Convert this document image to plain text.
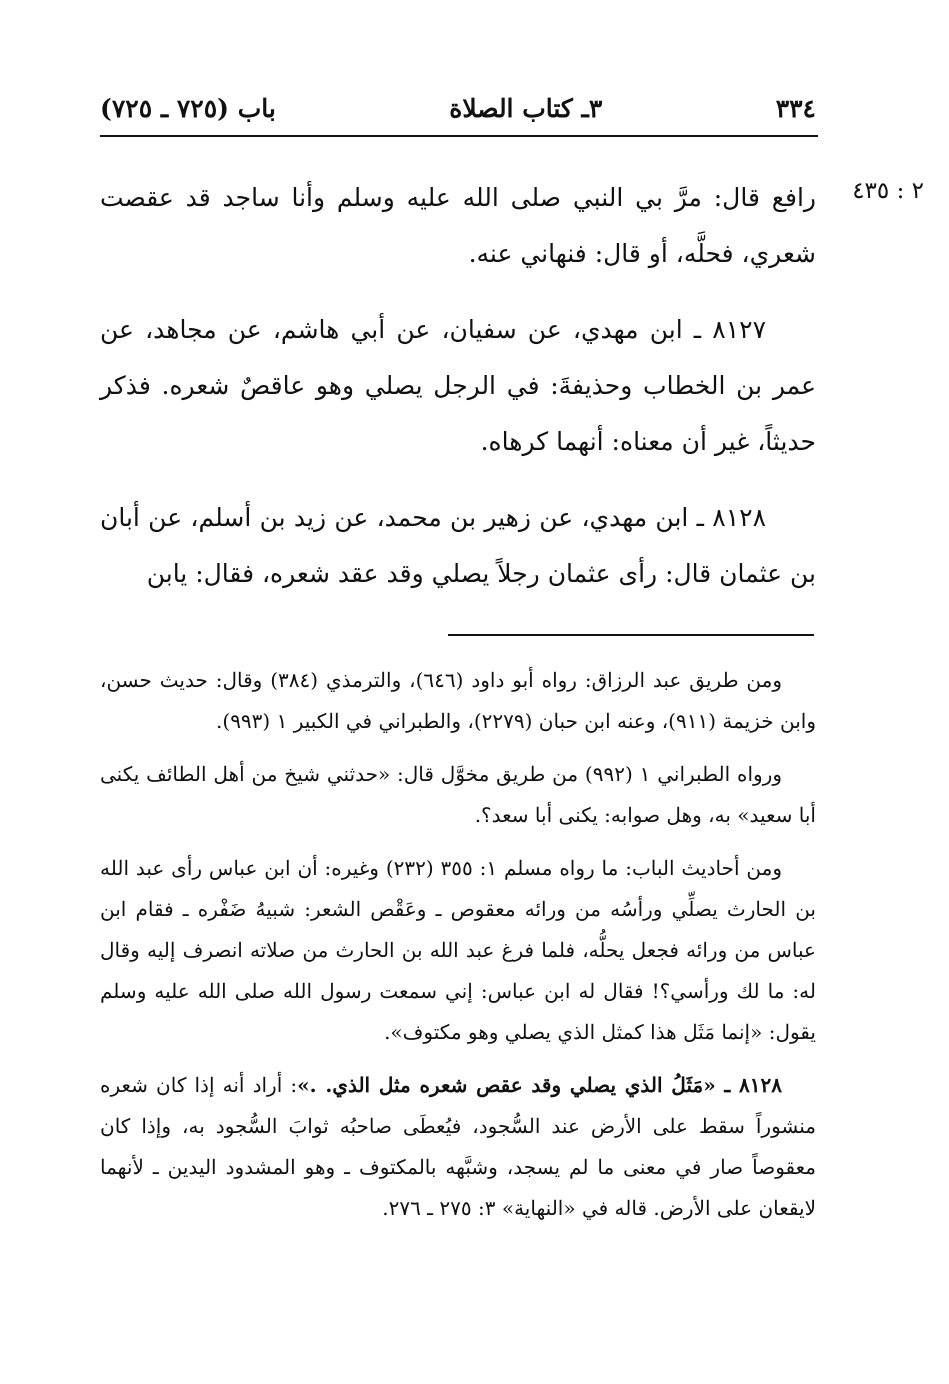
٣٣٤
٣ـ كتاب الصلاة
باب (٧٢٥ ـ ٧٢٥)
٢ : ٤٣٥

رافع قال: مرَّ بي النبي صلى الله عليه وسلم وأنا ساجد قد عقصت شعري، فحلَّه، أو قال: فنهاني عنه.

٨١٢٧ ـ ابن مهدي، عن سفيان، عن أبي هاشم، عن مجاهد، عن عمر بن الخطاب وحذيفةَ: في الرجل يصلي وهو عاقصٌ شعره. فذكر حديثاً، غير أن معناه: أنهما كرهاه.

٨١٢٨ ـ ابن مهدي، عن زهير بن محمد، عن زيد بن أسلم، عن أبان بن عثمان قال: رأى عثمان رجلاً يصلي وقد عقد شعره، فقال: يابن

ومن طريق عبد الرزاق: رواه أبو داود (٦٤٦)، والترمذي (٣٨٤) وقال: حديث حسن، وابن خزيمة (٩١١)، وعنه ابن حبان (٢٢٧٩)، والطبراني في الكبير ١ (٩٩٣).

ورواه الطبراني ١ (٩٩٢) من طريق مخوَّل قال: «حدثني شيخ من أهل الطائف يكنى أبا سعيد» به، وهل صوابه: يكنى أبا سعد؟.

ومن أحاديث الباب: ما رواه مسلم ١: ٣٥٥ (٢٣٢) وغيره: أن ابن عباس رأى عبد الله بن الحارث يصلِّي ورأسُه من ورائه معقوص ـ وعَقْص الشعر: شبيهُ ضَفْره ـ فقام ابن عباس من ورائه فجعل يحلُّه، فلما فرغ عبد الله بن الحارث من صلاته انصرف إليه وقال له: ما لك ورأسي؟! فقال له ابن عباس: إني سمعت رسول الله صلى الله عليه وسلم يقول: «إنما مَثَل هذا كمثل الذي يصلي وهو مكتوف».

٨١٢٨ ـ «مَثَلُ الذي يصلي وقد عقص شعره مثل الذي. .»: أراد أنه إذا كان شعره منشوراً سقط على الأرض عند السُّجود، فيُعطَى صاحبُه ثوابَ السُّجود به، وإذا كان معقوصاً صار في معنى ما لم يسجد، وشبَّهه بالمكتوف ـ وهو المشدود اليدين ـ لأنهما لايقعان على الأرض. قاله في «النهاية» ٣: ٢٧٥ ـ ٢٧٦.
